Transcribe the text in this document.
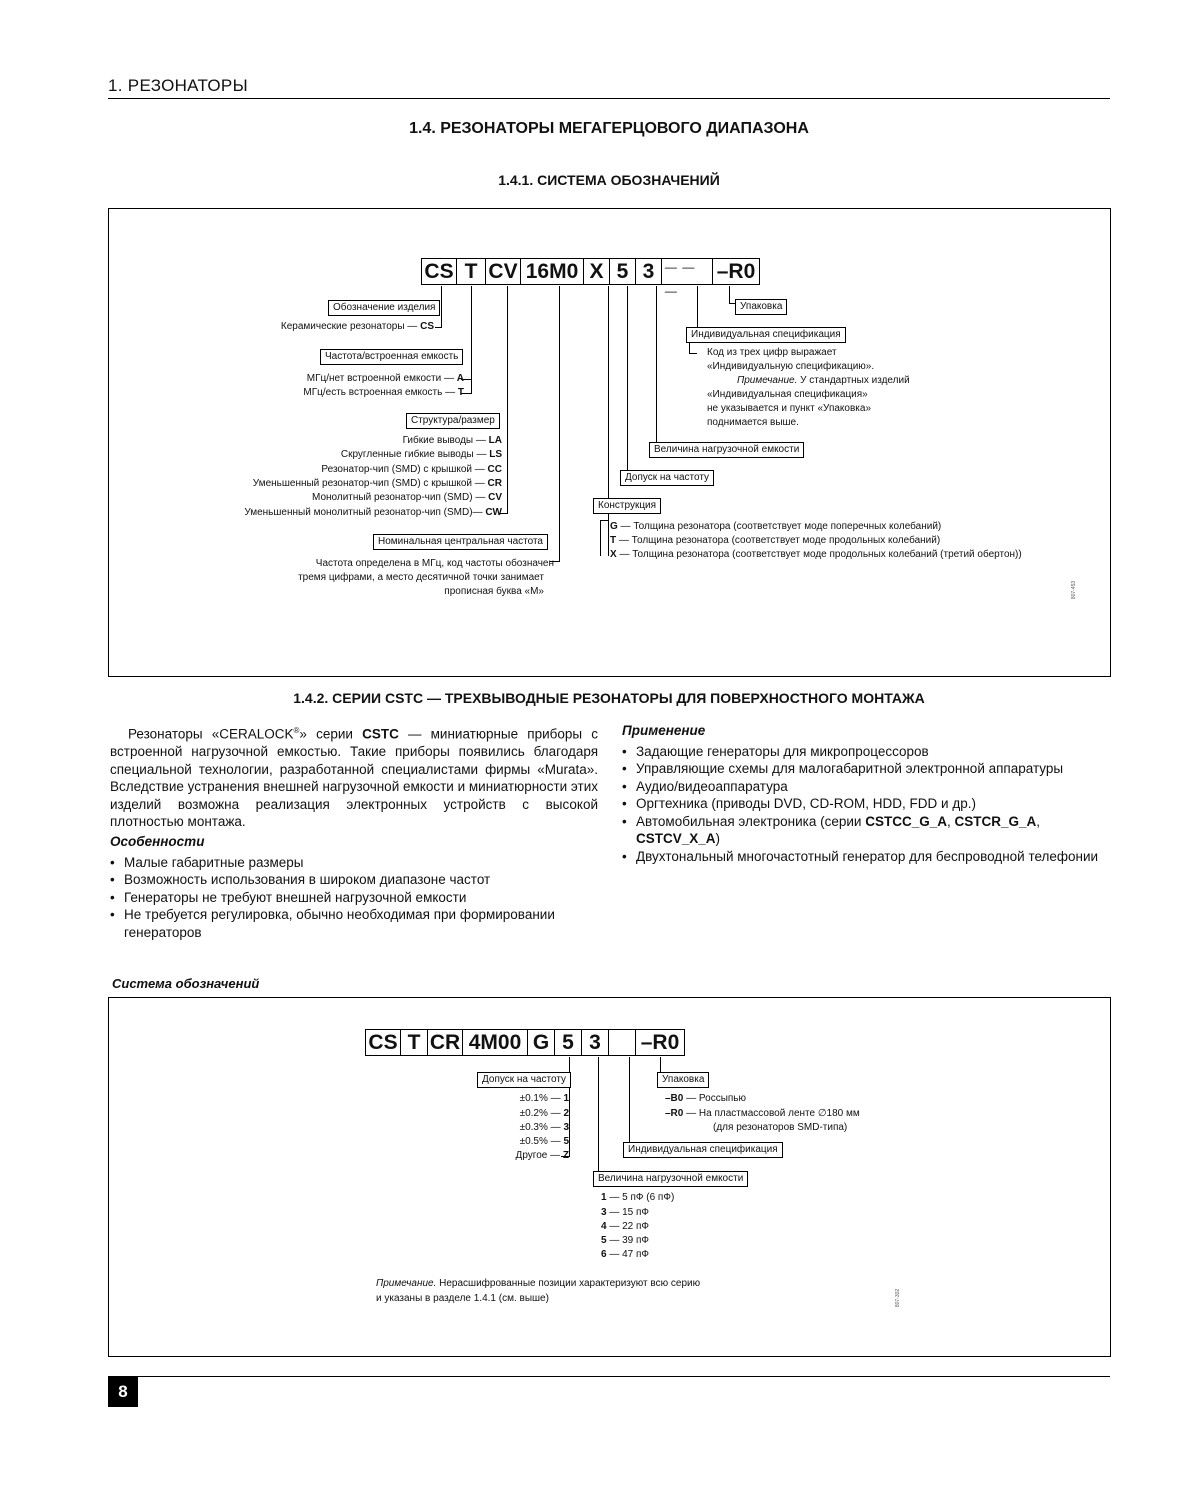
1. РЕЗОНАТОРЫ
1.4. РЕЗОНАТОРЫ МЕГАГЕРЦОВОГО ДИАПАЗОНА
1.4.1. СИСТЕМА ОБОЗНАЧЕНИЙ
CS T CV 16M0 X 5 3
_ _ _
–R0
Обозначение изделия
Керамические резонаторы — CS
Частота/встроенная емкость
МГц/нет встроенной емкости — A
МГц/есть встроенная емкость — T
Структура/размер
Гибкие выводы — LA
Скругленные гибкие выводы — LS
Резонатор-чип (SMD) с крышкой — CC
Уменьшенный резонатор-чип (SMD) с крышкой — CR
Монолитный резонатор-чип (SMD) — CV
Уменьшенный монолитный резонатор-чип (SMD)— CW
Номинальная центральная частота
Частота определена в МГц, код частоты обозначен
тремя цифрами, а место десятичной точки занимает
прописная буква «М»
Упаковка
Индивидуальная спецификация
Код из трех цифр выражает
«Индивидуальную спецификацию».
Примечание. У стандартных изделий
«Индивидуальная спецификация»
не указывается и пункт «Упаковка»
поднимается выше.
Величина нагрузочной емкости
Допуск на частоту
Конструкция
G — Толщина резонатора (соответствует моде поперечных колебаний)
T — Толщина резонатора (соответствует моде продольных колебаний)
X — Толщина резонатора (соответствует моде продольных колебаний (третий обертон))
807-453
1.4.2. СЕРИИ CSTC — ТРЕХВЫВОДНЫЕ РЕЗОНАТОРЫ ДЛЯ ПОВЕРХНОСТНОГО МОНТАЖА
Резонаторы «CERALOCK®» серии CSTC — миниатюрные приборы с встроенной нагрузочной емкостью. Такие приборы появились благодаря специальной технологии, разработанной специалистами фирмы «Murata». Вследствие устранения внешней нагрузочной емкости и миниатюрности этих изделий возможна реализация электронных устройств с высокой плотностью монтажа.
Особенности
• Малые габаритные размеры
• Возможность использования в широком диапазоне частот
• Генераторы не требуют внешней нагрузочной емкости
• Не требуется регулировка, обычно необходимая при формировании генераторов
Применение
• Задающие генераторы для микропроцессоров
• Управляющие схемы для малогабаритной электронной аппаратуры
• Аудио/видеоаппаратура
• Оргтехника (приводы DVD, CD-ROM, HDD, FDD и др.)
• Автомобильная электроника (серии CSTCC_G_A, CSTCR_G_A, CSTCV_X_A)
• Двухтональный многочастотный генератор для беспроводной телефонии
Система обозначений
CS T CR 4M00 G 5 3	–R0
Допуск на частоту
±0.1% — 1
±0.2% — 2
±0.3% — 3
±0.5% — 5
Другое — Z
Упаковка
–B0 — Россыпью
–R0 — На пластмассовой ленте ∅180 мм
(для резонаторов SMD-типа)
Индивидуальная спецификация
Величина нагрузочной емкости
1 — 5 пФ (6 пФ)
3 — 15 пФ
4 — 22 пФ
5 — 39 пФ
6 — 47 пФ
Примечание. Нерасшифрованные позиции характеризуют всю серию
и указаны в разделе 1.4.1 (см. выше)	807-302
8
